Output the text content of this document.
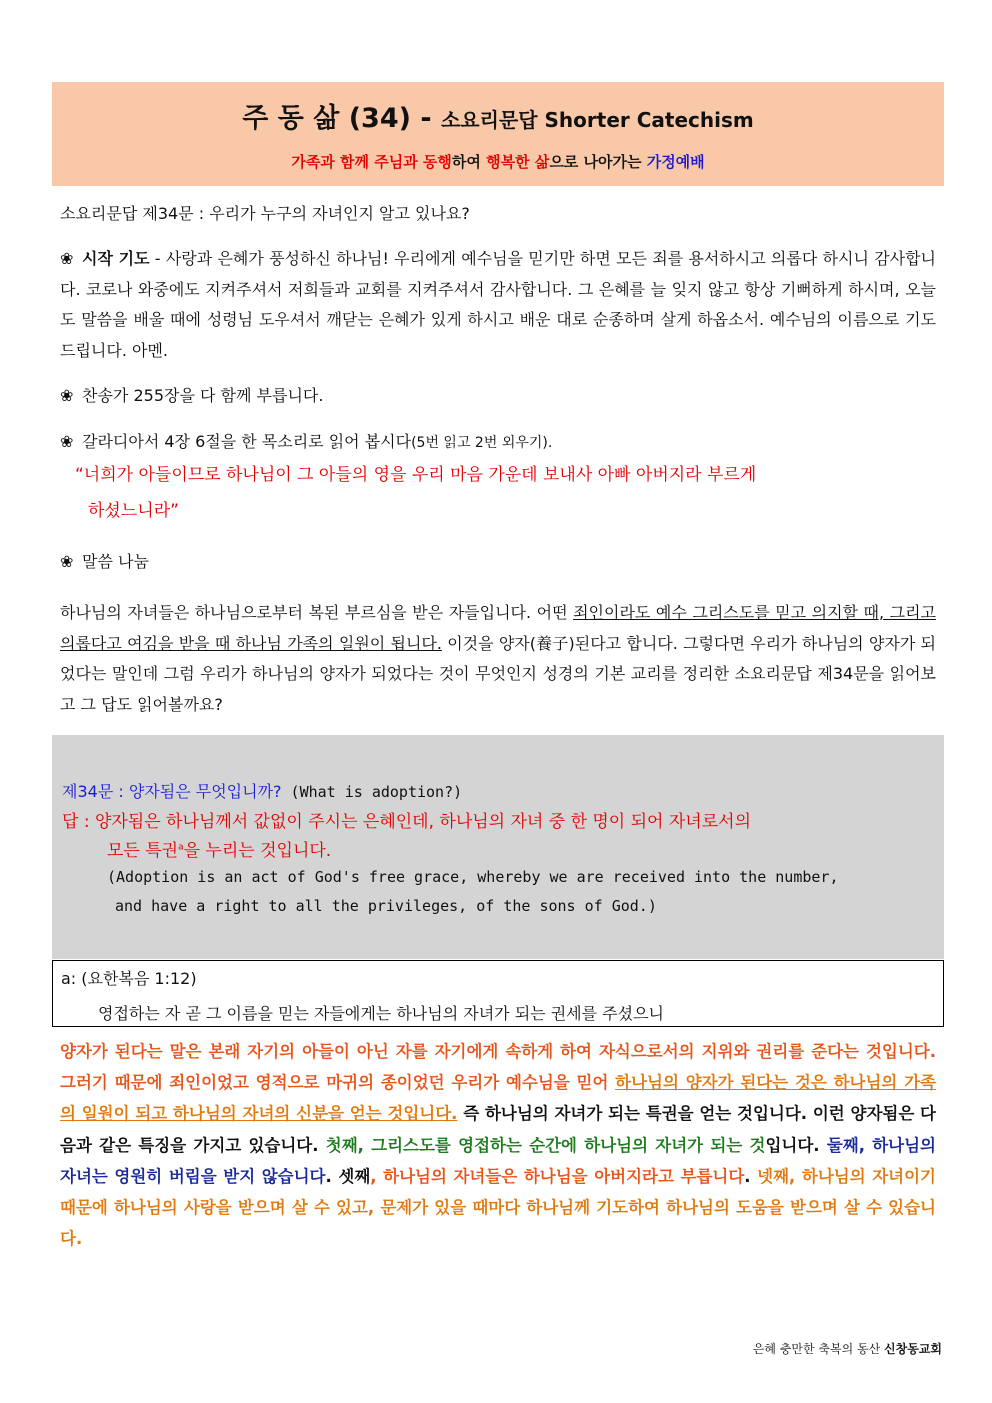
주 동 삶 (34) - 소요리문답 Shorter Catechism
가족과 함께 주님과 동행하여 행복한 삶으로 나아가는 가정예배
소요리문답 제34문 : 우리가 누구의 자녀인지 알고 있나요?

❀ 시작 기도 - 사랑과 은혜가 풍성하신 하나님! 우리에게 예수님을 믿기만 하면 모든 죄를 용서하시고 의롭다 하시니 감사합니다. 코로나 와중에도 지켜주셔서 저희들과 교회를 지켜주셔서 감사합니다. 그 은혜를 늘 잊지 않고 항상 기뻐하게 하시며, 오늘도 말씀을 배울 때에 성령님 도우셔서 깨닫는 은혜가 있게 하시고 배운 대로 순종하며 살게 하옵소서. 예수님의 이름으로 기도드립니다. 아멘.

❀ 찬송가 255장을 다 함께 부릅니다.
❀ 갈라디아서 4장 6절을 한 목소리로 읽어 봅시다(5번 읽고 2번 외우기).
“너희가 아들이므로 하나님이 그 아들의 영을 우리 마음 가운데 보내사 아빠 아버지라 부르게
하셨느니라”
❀ 말씀 나눔

하나님의 자녀들은 하나님으로부터 복된 부르심을 받은 자들입니다. 어떤 죄인이라도 예수 그리스도를 믿고 의지할 때, 그리고 의롭다고 여김을 받을 때 하나님 가족의 일원이 됩니다. 이것을 양자(養子)된다고 합니다. 그렇다면 우리가 하나님의 양자가 되었다는 말인데 그럼 우리가 하나님의 양자가 되었다는 것이 무엇인지 성경의 기본 교리를 정리한 소요리문답 제34문을 읽어보고 그 답도 읽어볼까요?

제34문 : 양자됨은 무엇입니까? (What is adoption?)
답 : 양자됨은 하나님께서 값없이 주시는 은혜인데, 하나님의 자녀 중 한 명이 되어 자녀로서의
모든 특권$^a$을 누리는 것입니다.
(Adoption is an act of God's free grace, whereby we are received into the number,
and have a right to all the privileges, of the sons of God.)
a: (요한복음 1:12)
영접하는 자 곧 그 이름을 믿는 자들에게는 하나님의 자녀가 되는 권세를 주셨으니

양자가 된다는 말은 본래 자기의 아들이 아닌 자를 자기에게 속하게 하여 자식으로서의 지위와 권리를 준다는 것입니다. 그러기 때문에 죄인이었고 영적으로 마귀의 종이었던 우리가 예수님을 믿어 하나님의 양자가 된다는 것은 하나님의 가족의 일원이 되고 하나님의 자녀의 신분을 얻는 것입니다. 즉 하나님의 자녀가 되는 특권을 얻는 것입니다. 이런 양자됨은 다음과 같은 특징을 가지고 있습니다. 첫째, 그리스도를 영접하는 순간에 하나님의 자녀가 되는 것입니다. 둘째, 하나님의 자녀는 영원히 버림을 받지 않습니다. 셋째, 하나님의 자녀들은 하나님을 아버지라고 부릅니다. 넷째, 하나님의 자녀이기 때문에 하나님의 사랑을 받으며 살 수 있고, 문제가 있을 때마다 하나님께 기도하여 하나님의 도움을 받으며 살 수 있습니다.

은혜 충만한 축복의 동산 신창동교회
